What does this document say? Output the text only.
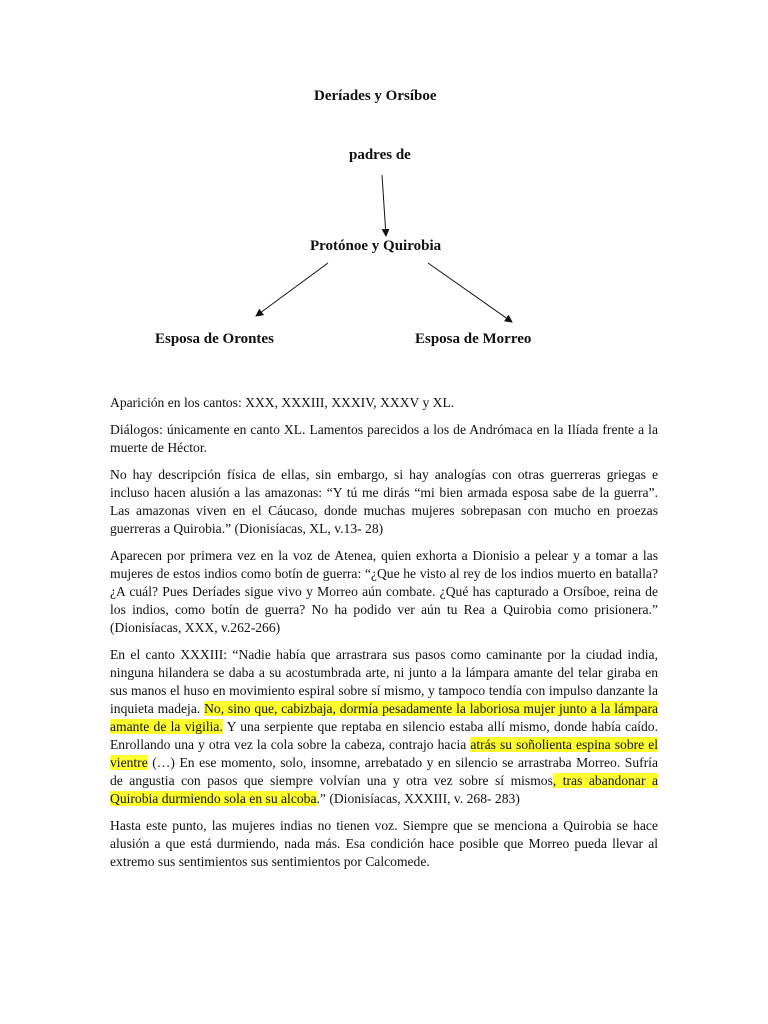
Deríades y Orsíboe

padres de

Protónoe y Quirobia

Esposa de Orontes	Esposa de Morreo

Aparición en los cantos: XXX, XXXIII, XXXIV, XXXV y XL.

Diálogos: únicamente en canto XL. Lamentos parecidos a los de Andrómaca en la Ilíada frente a la muerte de Héctor.

No hay descripción física de ellas, sin embargo, si hay analogías con otras guerreras griegas e incluso hacen alusión a las amazonas: “Y tú me dirás “mi bien armada esposa sabe de la guerra”. Las amazonas viven en el Cáucaso, donde muchas mujeres sobrepasan con mucho en proezas guerreras a Quirobia.” (Dionisíacas, XL, v.13- 28)

Aparecen por primera vez en la voz de Atenea, quien exhorta a Dionisio a pelear y a tomar a las mujeres de estos indios como botín de guerra: “¿Que he visto al rey de los indios muerto en batalla? ¿A cuál? Pues Deríades sigue vivo y Morreo aún combate. ¿Qué has capturado a Orsíboe, reina de los indios, como botín de guerra? No ha podido ver aún tu Rea a Quirobia como prisionera.” (Dionisíacas, XXX, v.262-266)

En el canto XXXIII: “Nadie había que arrastrara sus pasos como caminante por la ciudad india, ninguna hilandera se daba a su acostumbrada arte, ni junto a la lámpara amante del telar giraba en sus manos el huso en movimiento espiral sobre sí mismo, y tampoco tendía con impulso danzante la inquieta madeja. No, sino que, cabizbaja, dormía pesadamente la laboriosa mujer junto a la lámpara amante de la vigilia. Y una serpiente que reptaba en silencio estaba allí mismo, donde había caído. Enrollando una y otra vez la cola sobre la cabeza, contrajo hacia atrás su soñolienta espina sobre el vientre (…) En ese momento, solo, insomne, arrebatado y en silencio se arrastraba Morreo. Sufría de angustia con pasos que siempre volvían una y otra vez sobre sí mismos, tras abandonar a Quirobia durmiendo sola en su alcoba.” (Dionisíacas, XXXIII, v. 268- 283)

Hasta este punto, las mujeres indias no tienen voz. Siempre que se menciona a Quirobia se hace alusión a que está durmiendo, nada más. Esa condición hace posible que Morreo pueda llevar al extremo sus sentimientos sus sentimientos por Calcomede.
